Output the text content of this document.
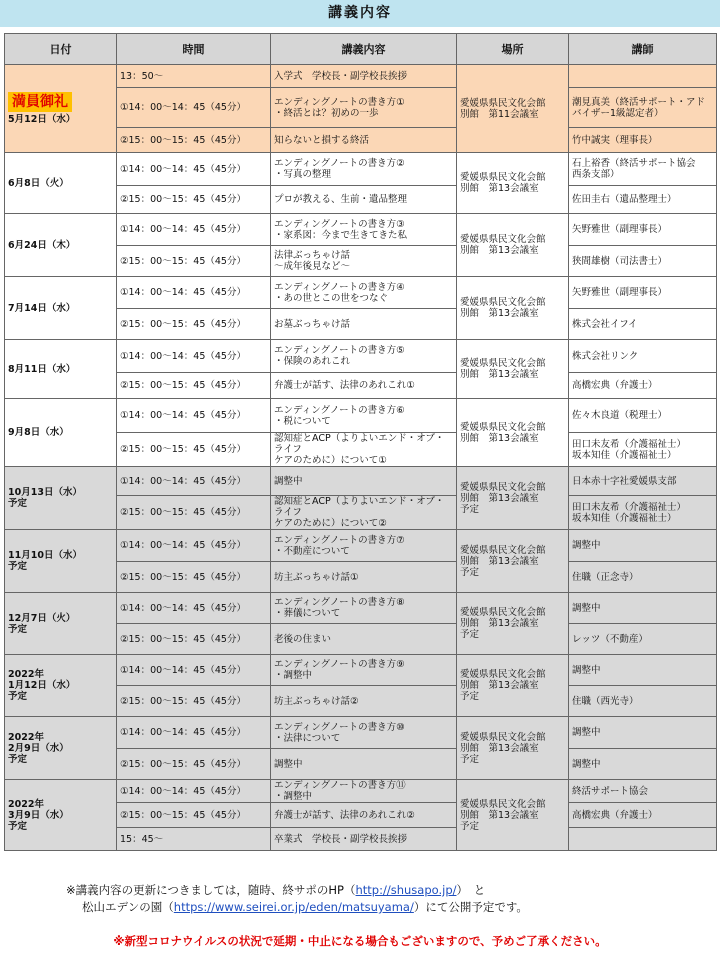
講義内容
日付	時間	講義内容	場所	講師

満員御礼
5月12日（水）	13：50～	入学式　学校長・副学校長挨拶	愛媛県県民文化会館
別館　第11会議室	

	①14：00～14：45（45分）	エンディングノートの書き方①
・終活とは？初めの一歩		潮見真美（終活サポート・アド
バイザー1級認定者）

	②15：00～15：45（45分）	知らないと損する終活		竹中誠実（理事長）

6月8日（火）	①14：00～14：45（45分）	エンディングノートの書き方②
・写真の整理	愛媛県県民文化会館
別館　第13会議室	石上裕香（終活サポート協会
西条支部）

	②15：00～15：45（45分）	プロが教える、生前・遺品整理		佐田圭右（遺品整理士）

6月24日（木）	①14：00～14：45（45分）	エンディングノートの書き方③
・家系図：今まで生きてきた私	愛媛県県民文化会館
別館　第13会議室	矢野雅世（副理事長）

	②15：00～15：45（45分）	法律ぶっちゃけ話
～成年後見など～		狭間雄樹（司法書士）

7月14日（水）	①14：00～14：45（45分）	エンディングノートの書き方④
・あの世とこの世をつなぐ	愛媛県県民文化会館
別館　第13会議室	矢野雅世（副理事長）

	②15：00～15：45（45分）	お墓ぶっちゃけ話		株式会社イフイ

8月11日（水）	①14：00～14：45（45分）	エンディングノートの書き方⑤
・保険のあれこれ	愛媛県県民文化会館
別館　第13会議室	株式会社リンク

	②15：00～15：45（45分）	弁護士が話す、法律のあれこれ①		高橋宏典（弁護士）

9月8日（水）	①14：00～14：45（45分）	エンディングノートの書き方⑥
・税について	愛媛県県民文化会館
別館　第13会議室	佐々木良道（税理士）

	②15：00～15：45（45分）	認知症とACP（よりよいエンド・オブ・ライフ
ケアのために）について①		田口未友希（介護福祉士）
坂本知佳（介護福祉士）

10月13日（水）
予定	①14：00～14：45（45分）	調整中	愛媛県県民文化会館
別館　第13会議室
予定	日本赤十字社愛媛県支部

	②15：00～15：45（45分）	認知症とACP（よりよいエンド・オブ・ライフ
ケアのために）について②		田口未友希（介護福祉士）
坂本知佳（介護福祉士）

11月10日（水）
予定	①14：00～14：45（45分）	エンディングノートの書き方⑦
・不動産について	愛媛県県民文化会館
別館　第13会議室
予定	調整中

	②15：00～15：45（45分）	坊主ぶっちゃけ話①		住職（正念寺）

12月7日（火）
予定	①14：00～14：45（45分）	エンディングノートの書き方⑧
・葬儀について	愛媛県県民文化会館
別館　第13会議室
予定	調整中

	②15：00～15：45（45分）	老後の住まい		レッツ（不動産）

2022年
1月12日（水）
予定	①14：00～14：45（45分）	エンディングノートの書き方⑨
・調整中	愛媛県県民文化会館
別館　第13会議室
予定	調整中

	②15：00～15：45（45分）	坊主ぶっちゃけ話②		住職（西光寺）

2022年
2月9日（水）
予定	①14：00～14：45（45分）	エンディングノートの書き方⑩
・法律について	愛媛県県民文化会館
別館　第13会議室
予定	調整中

	②15：00～15：45（45分）	調整中		調整中

2022年
3月9日（水）
予定	①14：00～14：45（45分）	エンディングノートの書き方⑪
・調整中	愛媛県県民文化会館
別館　第13会議室
予定	終活サポート協会

	②15：00～15：45（45分）	弁護士が話す、法律のあれこれ②		高橋宏典（弁護士）

	15：45～	卒業式　学校長・副学校長挨拶		

※講義内容の更新につきましては，随時、終サポのHP（http://shusapo.jp/）　と
松山エデンの園（https://www.seirei.or.jp/eden/matsuyama/）にて公開予定です。
※新型コロナウイルスの状況で延期・中止になる場合もございますので、予めご了承ください。
